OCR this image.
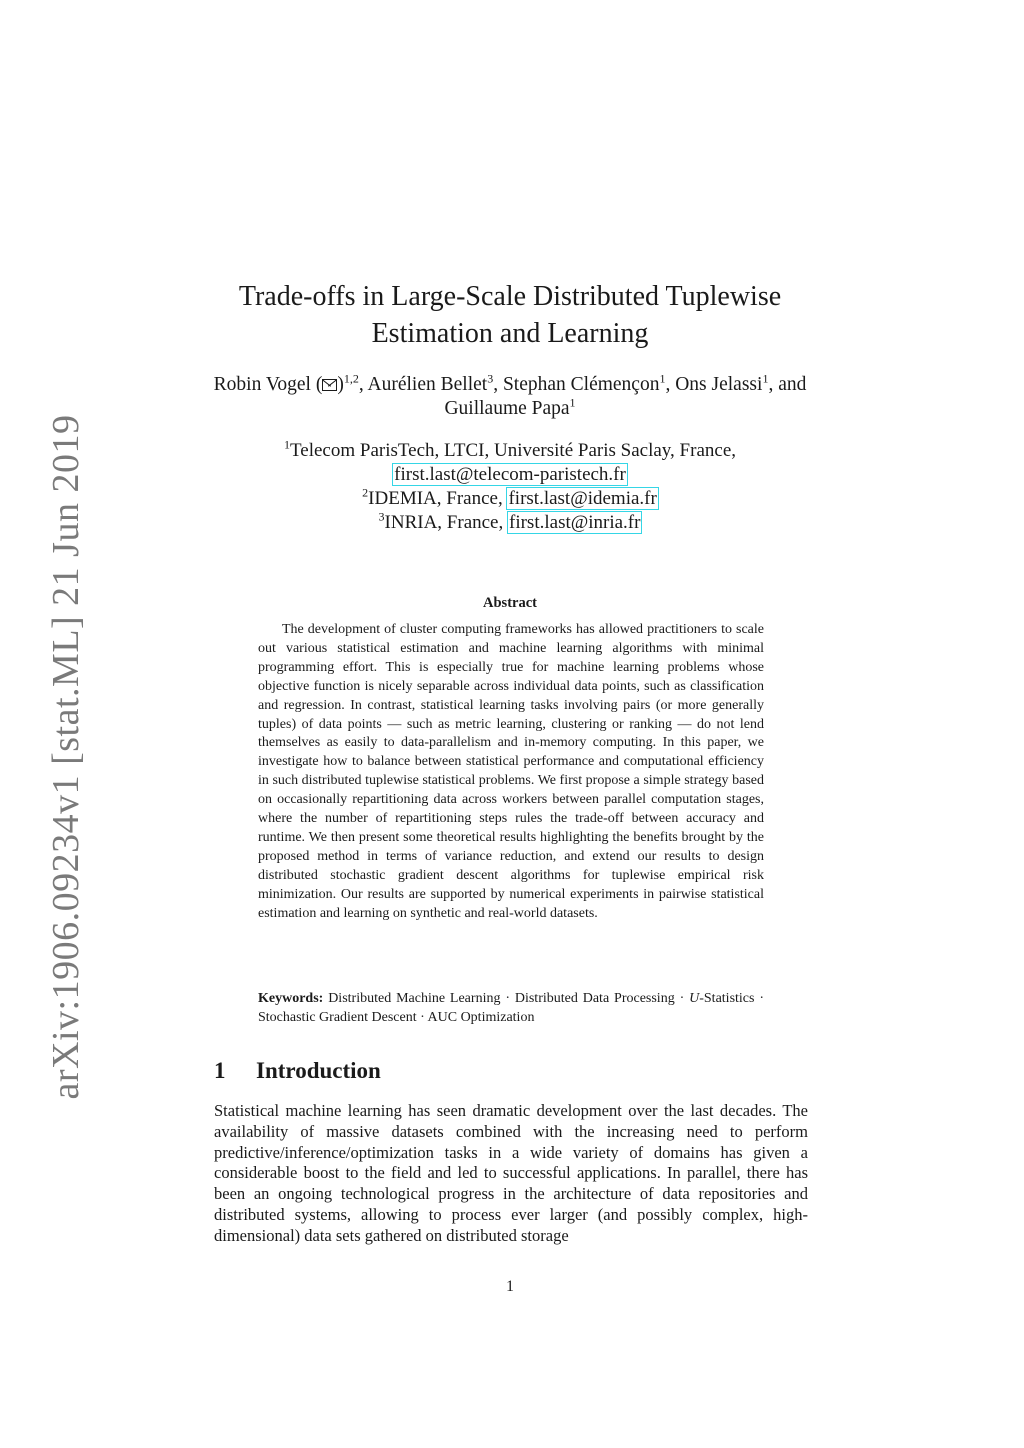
arXiv:1906.09234v1 [stat.ML] 21 Jun 2019
Trade-offs in Large-Scale Distributed Tuplewise
Estimation and Learning
Robin Vogel ( )$^{1,2}$, Aurélien Bellet$^3$, Stephan Clémençon$^1$, Ons Jelassi$^1$, and Guillaume Papa$^1$
$^1$Telecom ParisTech, LTCI, Université Paris Saclay, France,
first.last@telecom-paristech.fr
$^2$IDEMIA, France, first.last@idemia.fr
$^3$INRIA, France, first.last@inria.fr
Abstract

The development of cluster computing frameworks has allowed practitioners to scale out various statistical estimation and machine learning algorithms with minimal programming effort. This is especially true for machine learning problems whose objective function is nicely separable across individual data points, such as classification and regression. In contrast, statistical learning tasks involving pairs (or more generally tuples) of data points — such as metric learning, clustering or ranking — do not lend themselves as easily to data-parallelism and in-memory computing. In this paper, we investigate how to balance between statistical performance and computational efficiency in such distributed tuplewise statistical problems. We first propose a simple strategy based on occasionally repartitioning data across workers between parallel computation stages, where the number of repartitioning steps rules the trade-off between accuracy and runtime. We then present some theoretical results highlighting the benefits brought by the proposed method in terms of variance reduction, and extend our results to design distributed stochastic gradient descent algorithms for tuplewise empirical risk minimization. Our results are supported by numerical experiments in pairwise statistical estimation and learning on synthetic and real-world datasets.

Keywords: Distributed Machine Learning · Distributed Data Processing · U-Statistics · Stochastic Gradient Descent · AUC Optimization

1 Introduction

Statistical machine learning has seen dramatic development over the last decades. The availability of massive datasets combined with the increasing need to perform predictive/inference/optimization tasks in a wide variety of domains has given a considerable boost to the field and led to successful applications. In parallel, there has been an ongoing technological progress in the architecture of data repositories and distributed systems, allowing to process ever larger (and possibly complex, high-dimensional) data sets gathered on distributed storage

1
